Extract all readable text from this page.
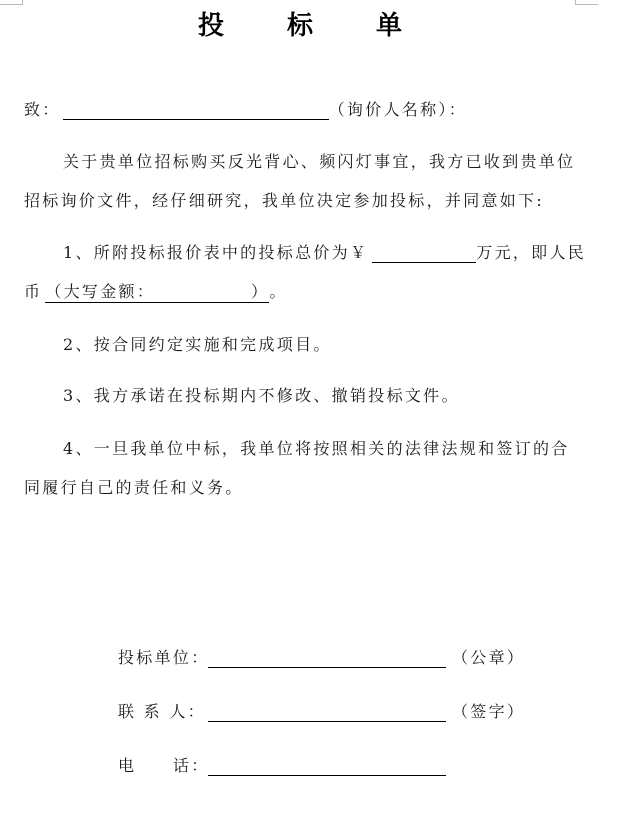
投 标 单
致：	（询价人名称）：
关于贵单位招标购买反光背心、频闪灯事宜，我方已收到贵单位
招标询价文件，经仔细研究，我单位决定参加投标，并同意如下:
1、所附投标报价表中的投标总价为￥	万元，即人民
币 （大写金额：	） 。
2、按合同约定实施和完成项目。
3、我方承诺在投标期内不修改、撤销投标文件。
4、一旦我单位中标，我单位将按照相关的法律法规和签订的合
同履行自己的责任和义务。
投标单位：	（公章）
联 系 人：	（签字）
电　　话：
